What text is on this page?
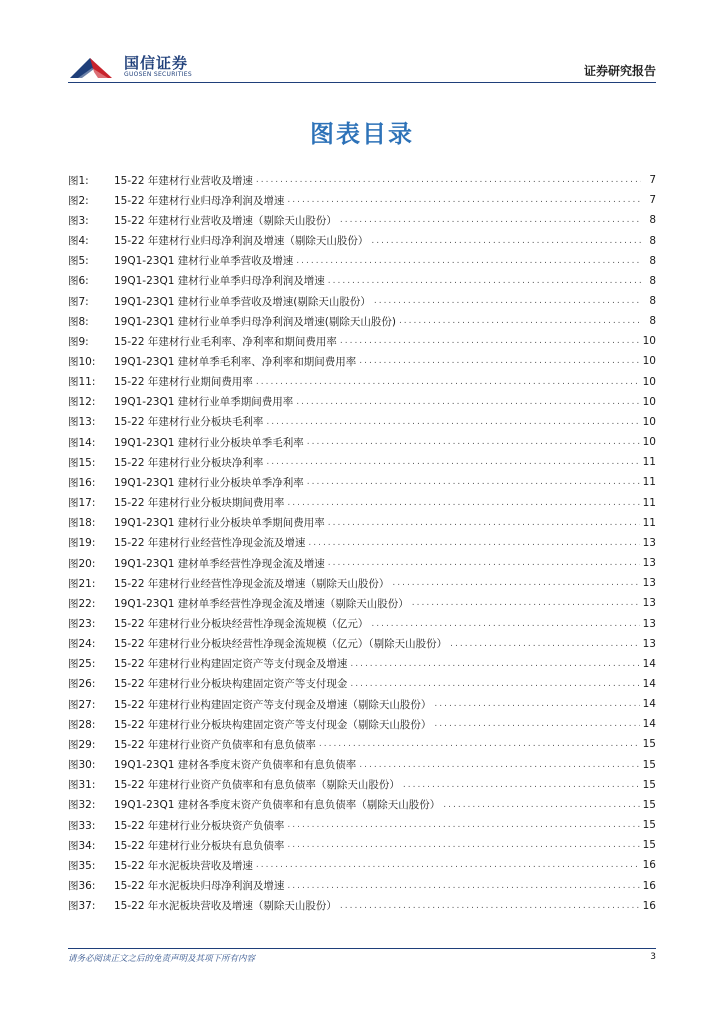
国信证券
GUOSEN SECURITIES	证券研究报告
图表目录
图1:	15-22 年建材行业营收及增速 .....	7
图2:	15-22 年建材行业归母净利润及增速 .....	7
图3:	15-22 年建材行业营收及增速（剔除天山股份） .....	8
图4:	15-22 年建材行业归母净利润及增速（剔除天山股份） .....	8
图5:	19Q1-23Q1 建材行业单季营收及增速 .....	8
图6:	19Q1-23Q1 建材行业单季归母净利润及增速 .....	8
图7:	19Q1-23Q1 建材行业单季营收及增速(剔除天山股份） .....	8
图8:	19Q1-23Q1 建材行业单季归母净利润及增速(剔除天山股份) .....	8
图9:	15-22 年建材行业毛利率、净利率和期间费用率 .....	10
图10:	19Q1-23Q1 建材单季毛利率、净利率和期间费用率 .....	10
图11:	15-22 年建材行业期间费用率 .....	10
图12:	19Q1-23Q1 建材行业单季期间费用率 .....	10
图13:	15-22 年建材行业分板块毛利率 .....	10
图14:	19Q1-23Q1 建材行业分板块单季毛利率 .....	10
图15:	15-22 年建材行业分板块净利率 .....	11
图16:	19Q1-23Q1 建材行业分板块单季净利率 .....	11
图17:	15-22 年建材行业分板块期间费用率 .....	11
图18:	19Q1-23Q1 建材行业分板块单季期间费用率 .....	11
图19:	15-22 年建材行业经营性净现金流及增速 .....	13
图20:	19Q1-23Q1 建材单季经营性净现金流及增速 .....	13
图21:	15-22 年建材行业经营性净现金流及增速（剔除天山股份） .....	13
图22:	19Q1-23Q1 建材单季经营性净现金流及增速（剔除天山股份） .....	13
图23:	15-22 年建材行业分板块经营性净现金流规模（亿元） .....	13
图24:	15-22 年建材行业分板块经营性净现金流规模（亿元）（剔除天山股份） .....	13
图25:	15-22 年建材行业构建固定资产等支付现金及增速 .....	14
图26:	15-22 年建材行业分板块构建固定资产等支付现金 .....	14
图27:	15-22 年建材行业构建固定资产等支付现金及增速（剔除天山股份） .....	14
图28:	15-22 年建材行业分板块构建固定资产等支付现金（剔除天山股份） .....	14
图29:	15-22 年建材行业资产负债率和有息负债率 .....	15
图30:	19Q1-23Q1 建材各季度末资产负债率和有息负债率 .....	15
图31:	15-22 年建材行业资产负债率和有息负债率（剔除天山股份） .....	15
图32:	19Q1-23Q1 建材各季度末资产负债率和有息负债率（剔除天山股份） .....	15
图33:	15-22 年建材行业分板块资产负债率 .....	15
图34:	15-22 年建材行业分板块有息负债率 .....	15
图35:	15-22 年水泥板块营收及增速 .....	16
图36:	15-22 年水泥板块归母净利润及增速 .....	16
图37:	15-22 年水泥板块营收及增速（剔除天山股份） .....	16
请务必阅读正文之后的免责声明及其项下所有内容	3
